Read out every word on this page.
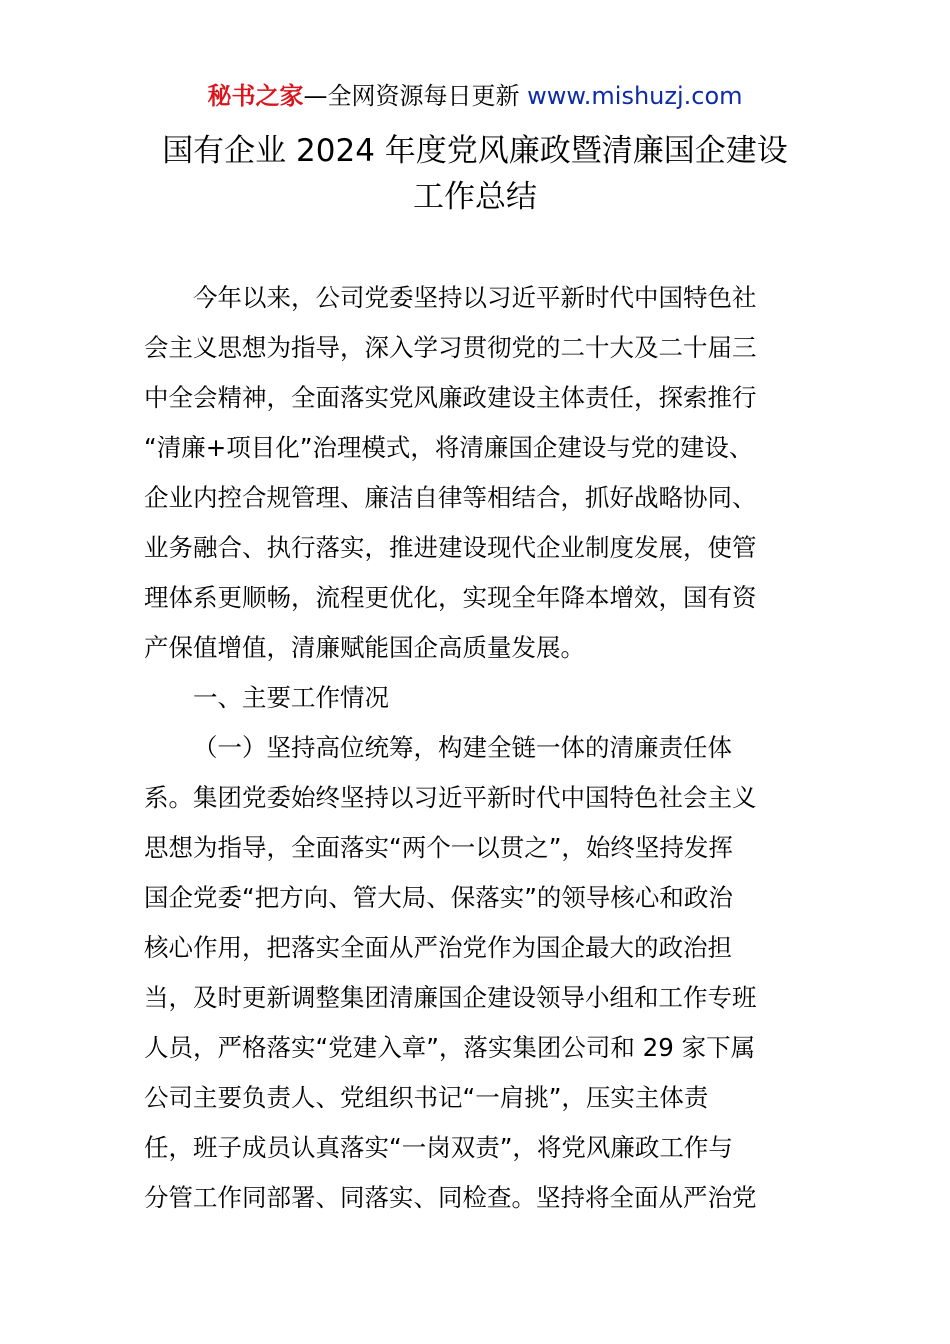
秘书之家—全网资源每日更新 www.mishuzj.com
国有企业 2024 年度党风廉政暨清廉国企建设
工作总结
今年以来，公司党委坚持以习近平新时代中国特色社
会主义思想为指导，深入学习贯彻党的二十大及二十届三
中全会精神，全面落实党风廉政建设主体责任，探索推行
“清廉+项目化”治理模式，将清廉国企建设与党的建设、
企业内控合规管理、廉洁自律等相结合，抓好战略协同、
业务融合、执行落实，推进建设现代企业制度发展，使管
理体系更顺畅，流程更优化，实现全年降本增效，国有资
产保值增值，清廉赋能国企高质量发展。
一、主要工作情况
（一）坚持高位统筹，构建全链一体的清廉责任体
系。集团党委始终坚持以习近平新时代中国特色社会主义
思想为指导，全面落实“两个一以贯之”，始终坚持发挥
国企党委“把方向、管大局、保落实”的领导核心和政治
核心作用，把落实全面从严治党作为国企最大的政治担
当，及时更新调整集团清廉国企建设领导小组和工作专班
人员，严格落实“党建入章”，落实集团公司和 29 家下属
公司主要负责人、党组织书记“一肩挑”，压实主体责
任，班子成员认真落实“一岗双责”，将党风廉政工作与
分管工作同部署、同落实、同检查。坚持将全面从严治党
